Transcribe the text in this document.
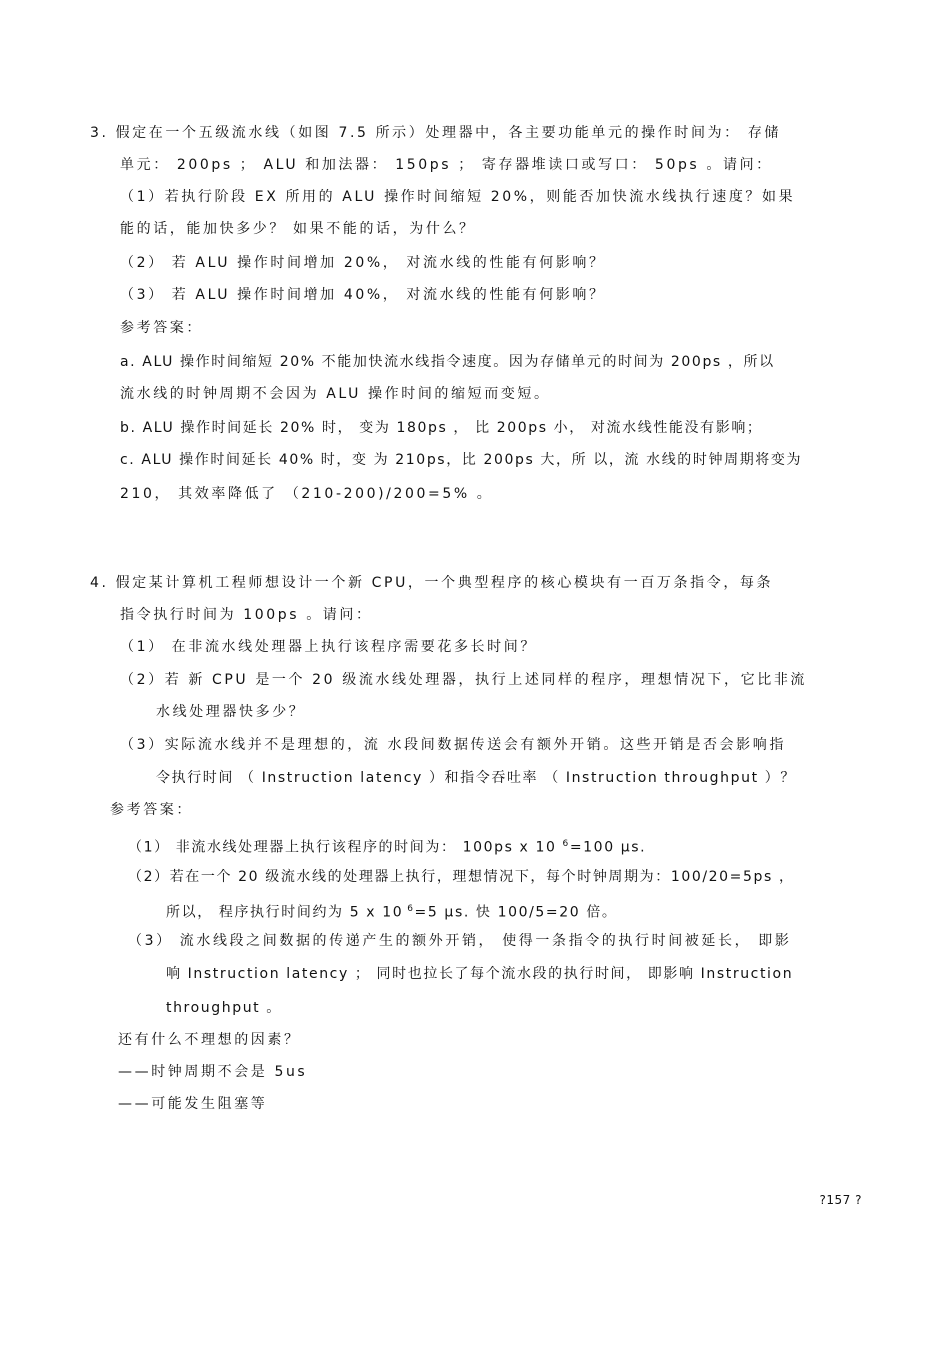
3. 假定在一个五级流水线（如图 7.5 所示）处理器中，各主要功能单元的操作时间为： 存储
单元： 200ps ； ALU 和加法器： 150ps ； 寄存器堆读口或写口： 50ps 。请问：
（1）若执行阶段 EX 所用的 ALU 操作时间缩短 20%，则能否加快流水线执行速度？如果
能的话，能加快多少？ 如果不能的话，为什么？
（2） 若 ALU 操作时间增加 20%， 对流水线的性能有何影响？
（3） 若 ALU 操作时间增加 40%， 对流水线的性能有何影响？
参考答案：
a. ALU 操作时间缩短 20% 不能加快流水线指令速度。因为存储单元的时间为 200ps ，所以
流水线的时钟周期不会因为 ALU 操作时间的缩短而变短。
b. ALU 操作时间延长 20% 时， 变为 180ps ， 比 200ps 小， 对流水线性能没有影响；
c. ALU 操作时间延长 40% 时，变 为 210ps，比 200ps 大，所 以，流 水线的时钟周期将变为
210， 其效率降低了 （210-200)/200=5% 。
4. 假定某计算机工程师想设计一个新 CPU，一个典型程序的核心模块有一百万条指令，每条
指令执行时间为 100ps 。请问：
（1） 在非流水线处理器上执行该程序需要花多长时间？
（2）若 新 CPU 是一个 20 级流水线处理器，执行上述同样的程序，理想情况下，它比非流
水线处理器快多少？
（3）实际流水线并不是理想的，流 水段间数据传送会有额外开销。这些开销是否会影响指
令执行时间 （ Instruction latency ）和指令吞吐率 （ Instruction throughput ）？
参考答案：
（1） 非流水线处理器上执行该程序的时间为： 100ps x 10 $^6$=100 μs.
（2）若在一个 20 级流水线的处理器上执行，理想情况下，每个时钟周期为：100/20=5ps ，
所以， 程序执行时间约为 5 x 10 $^6$=5 μs. 快 100/5=20 倍。
（3） 流水线段之间数据的传递产生的额外开销， 使得一条指令的执行时间被延长， 即影
响 Instruction latency ； 同时也拉长了每个流水段的执行时间， 即影响 Instruction
throughput 。
还有什么不理想的因素？
——时钟周期不会是 5us
——可能发生阻塞等
?157 ?
